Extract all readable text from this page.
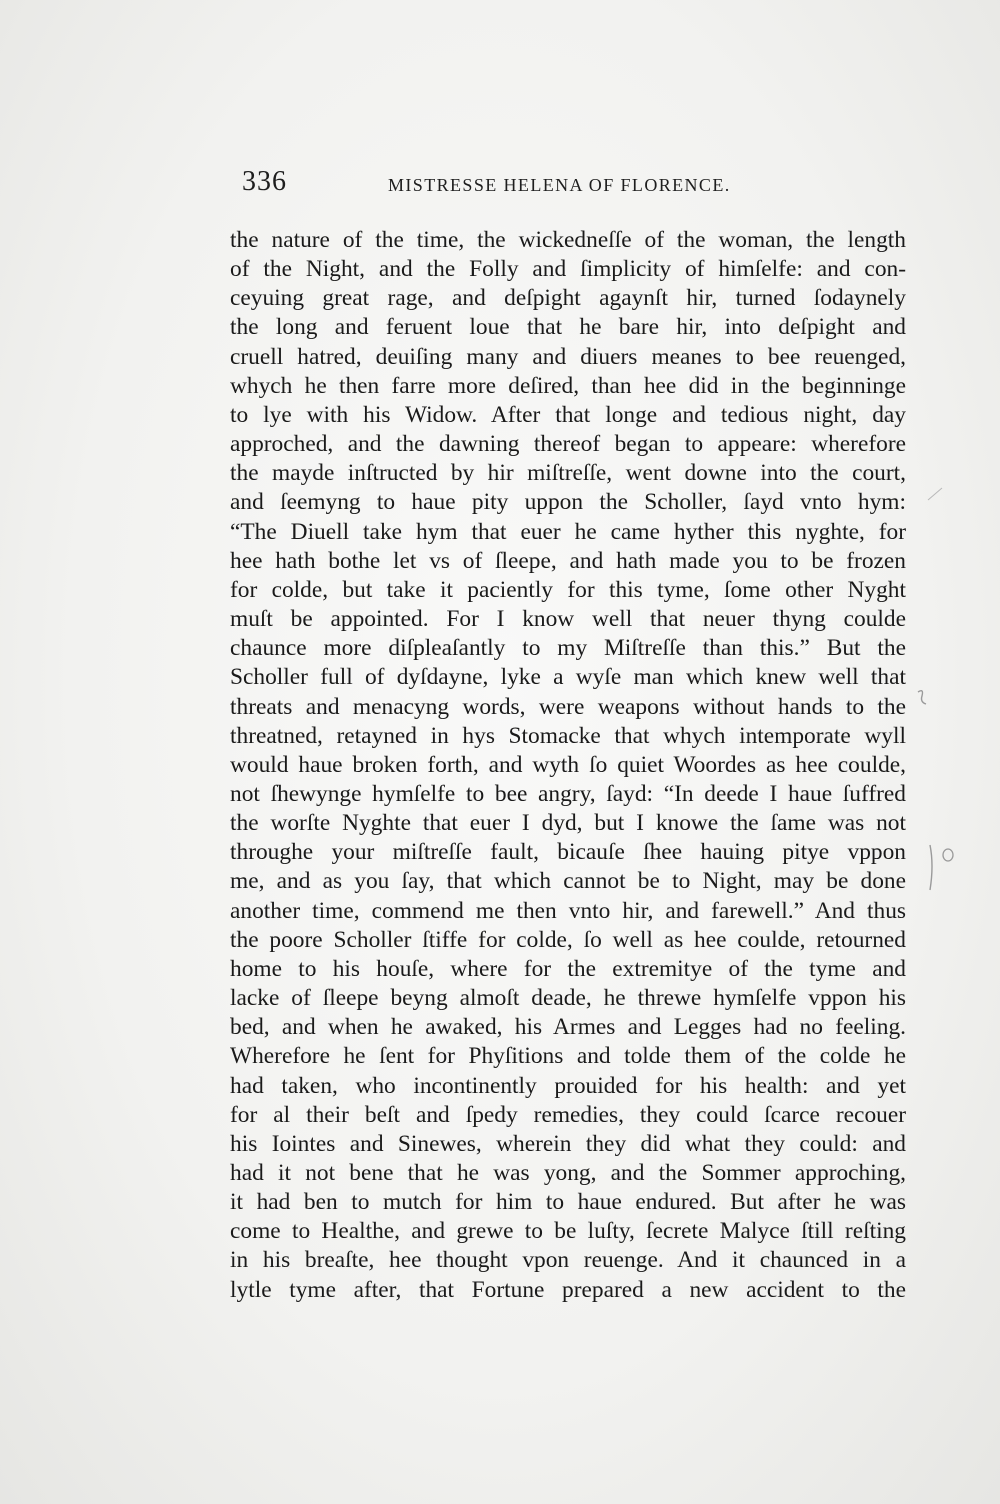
336	MISTRESSE HELENA OF FLORENCE.
the nature of the time, the wickedneſſe of the woman, the length
of the Night, and the Folly and ſimplicity of himſelfe: and con-
ceyuing great rage, and deſpight agaynſt hir, turned ſodaynely
the long and feruent loue that he bare hir, into deſpight and
cruell hatred, deuiſing many and diuers meanes to bee reuenged,
whych he then farre more deſired, than hee did in the beginninge
to lye with his Widow. After that longe and tedious night, day
approched, and the dawning thereof began to appeare: wherefore
the mayde inſtructed by hir miſtreſſe, went downe into the court,
and ſeemyng to haue pity uppon the Scholler, ſayd vnto hym:
“The Diuell take hym that euer he came hyther this nyghte, for
hee hath bothe let vs of ſleepe, and hath made you to be frozen
for colde, but take it paciently for this tyme, ſome other Nyght
muſt be appointed. For I know well that neuer thyng coulde
chaunce more diſpleaſantly to my Miſtreſſe than this.” But the
Scholler full of dyſdayne, lyke a wyſe man which knew well that
threats and menacyng words, were weapons without hands to the
threatned, retayned in hys Stomacke that whych intemporate wyll
would haue broken forth, and wyth ſo quiet Woordes as hee coulde,
not ſhewynge hymſelfe to bee angry, ſayd: “In deede I haue ſuffred
the worſte Nyghte that euer I dyd, but I knowe the ſame was not
throughe your miſtreſſe fault, bicauſe ſhee hauing pitye vppon
me, and as you ſay, that which cannot be to Night, may be done
another time, commend me then vnto hir, and farewell.” And thus
the poore Scholler ſtiffe for colde, ſo well as hee coulde, retourned
home to his houſe, where for the extremitye of the tyme and
lacke of ſleepe beyng almoſt deade, he threwe hymſelfe vppon his
bed, and when he awaked, his Armes and Legges had no feeling.
Wherefore he ſent for Phyſitions and tolde them of the colde he
had taken, who incontinently prouided for his health: and yet
for al their beſt and ſpedy remedies, they could ſcarce recouer
his Iointes and Sinewes, wherein they did what they could: and
had it not bene that he was yong, and the Sommer approching,
it had ben to mutch for him to haue endured. But after he was
come to Healthe, and grewe to be luſty, ſecrete Malyce ſtill reſting
in his breaſte, hee thought vpon reuenge. And it chaunced in a
lytle tyme after, that Fortune prepared a new accident to the
